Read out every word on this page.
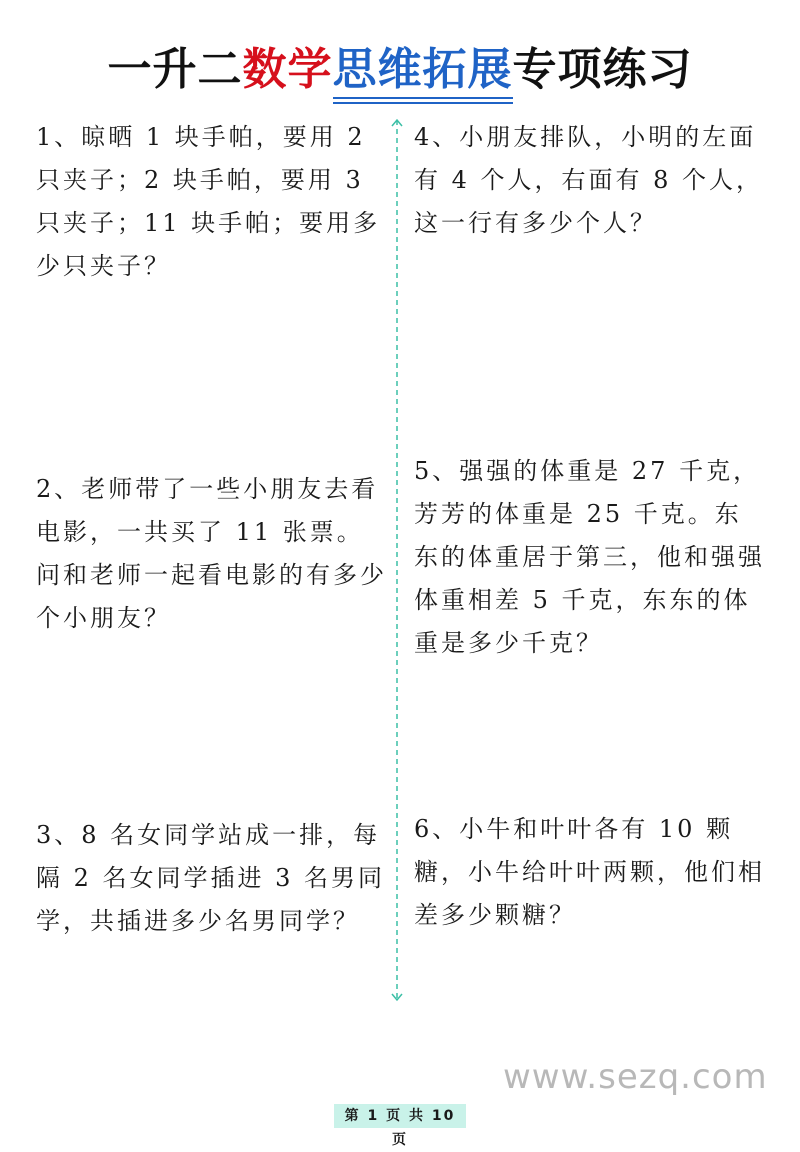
一升二数学思维拓展
专项练习
1、晾晒 1 块手帕，要用 2 只夹子；2 块手帕，要用 3 只夹子；11 块手帕；要用多少只夹子？
2、老师带了一些小朋友去看电影，一共买了 11 张票。问和老师一起看电影的有多少个小朋友？
3、8 名女同学站成一排，每隔 2 名女同学插进 3 名男同学，共插进多少名男同学？
4、小朋友排队，小明的左面有 4 个人，右面有 8 个人，这一行有多少个人？
5、强强的体重是 27 千克，芳芳的体重是 25 千克。东东的体重居于第三，他和强强体重相差 5 千克，东东的体重是多少千克？
6、小牛和叶叶各有 10 颗糖，小牛给叶叶两颗，他们相差多少颗糖？
www.sezq.com
第 1 页 共 10 页
